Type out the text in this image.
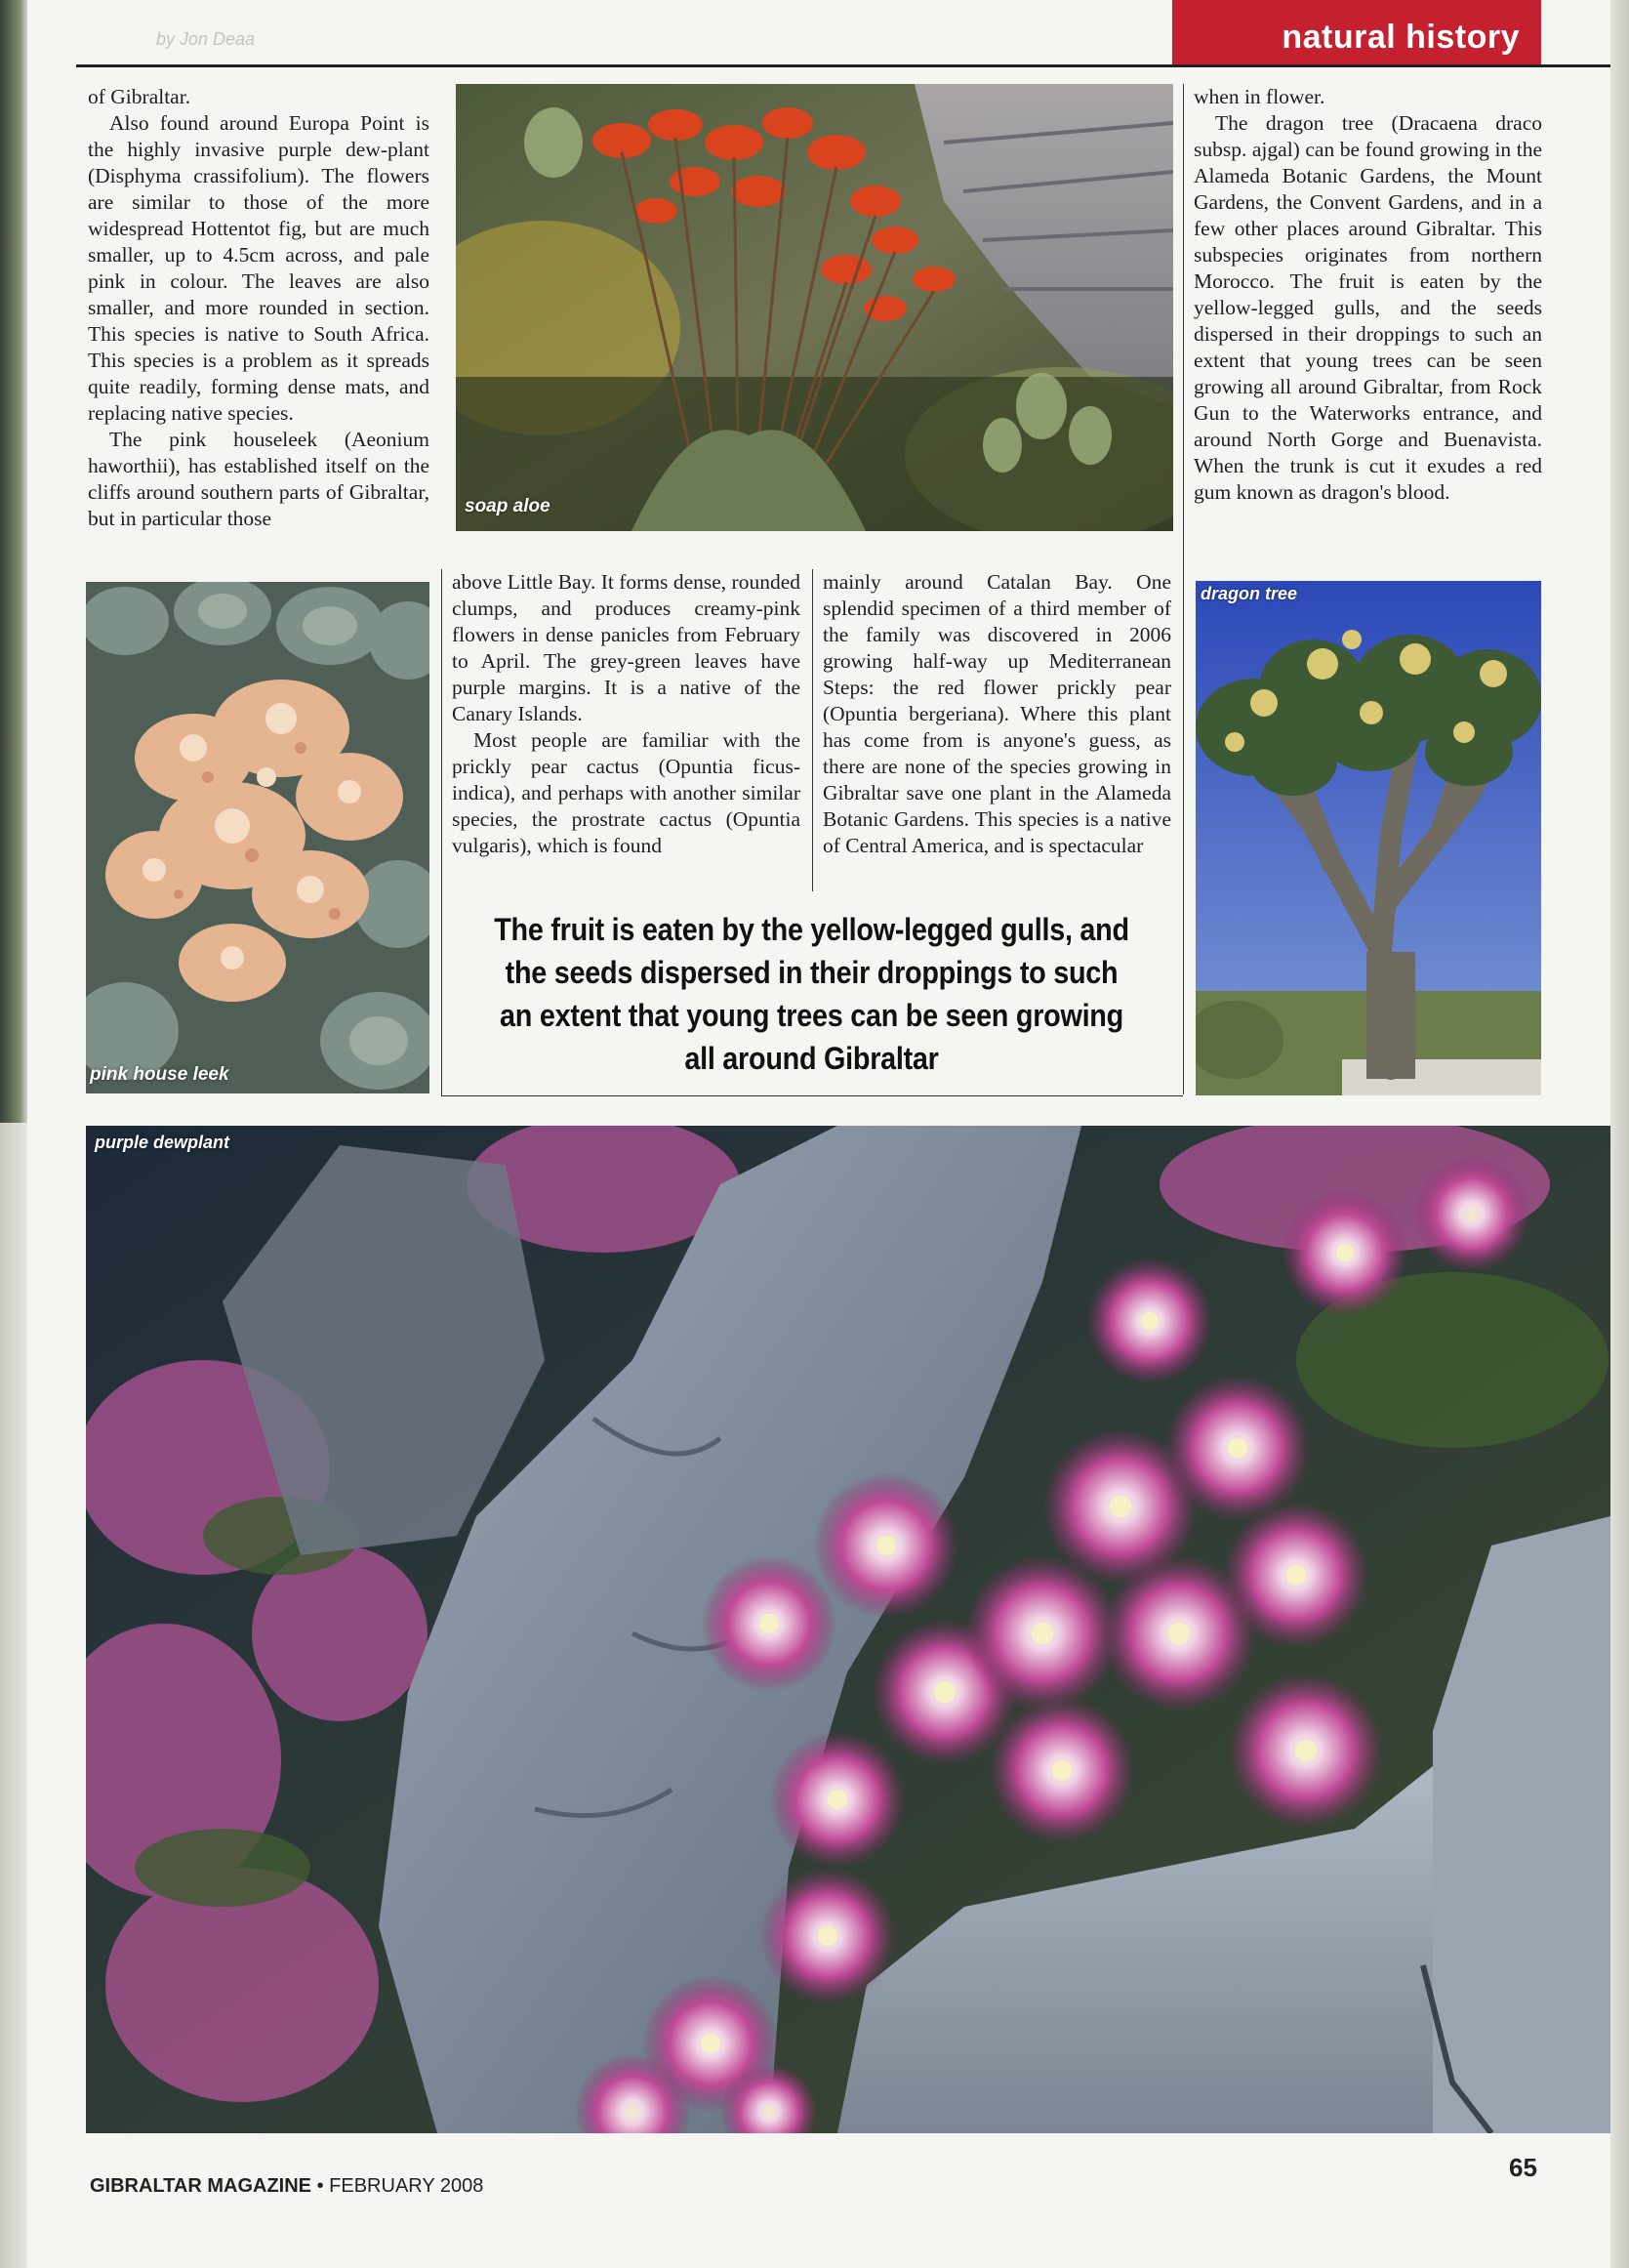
by Jon Deaa	natural history

of Gibraltar.

Also found around Europa Point is the highly invasive purple dew-plant (Disphyma crassifolium). The flowers are similar to those of the more widespread Hottentot fig, but are much smaller, up to 4.5cm across, and pale pink in colour. The leaves are also smaller, and more rounded in section. This species is native to South Africa. This species is a problem as it spreads quite readily, forming dense mats, and replacing native species.

The pink houseleek (Aeonium haworthii), has established itself on the cliffs around southern parts of Gibraltar, but in particular those

soap aloe
pink house leek

above Little Bay. It forms dense, rounded clumps, and produces creamy-pink flowers in dense panicles from February to April. The grey-green leaves have purple margins. It is a native of the Canary Islands.

Most people are familiar with the prickly pear cactus (Opuntia ficus-indica), and perhaps with another similar species, the prostrate cactus (Opuntia vulgaris), which is found

mainly around Catalan Bay. One splendid specimen of a third member of the family was discovered in 2006 growing half-way up Mediterranean Steps: the red flower prickly pear (Opuntia bergeriana). Where this plant has come from is anyone's guess, as there are none of the species growing in Gibraltar save one plant in the Alameda Botanic Gardens. This species is a native of Central America, and is spectacular

The fruit is eaten by the yellow-legged gulls, and the seeds dispersed in their droppings to such an extent that young trees can be seen growing all around Gibraltar

when in flower.

The dragon tree (Dracaena draco subsp. ajgal) can be found growing in the Alameda Botanic Gardens, the Mount Gardens, the Convent Gardens, and in a few other places around Gibraltar. This subspecies originates from northern Morocco. The fruit is eaten by the yellow-legged gulls, and the seeds dispersed in their droppings to such an extent that young trees can be seen growing all around Gibraltar, from Rock Gun to the Waterworks entrance, and around North Gorge and Buenavista. When the trunk is cut it exudes a red gum known as dragon's blood.

dragon tree
purple dewplant
GIBRALTAR MAGAZINE • FEBRUARY 2008
65
